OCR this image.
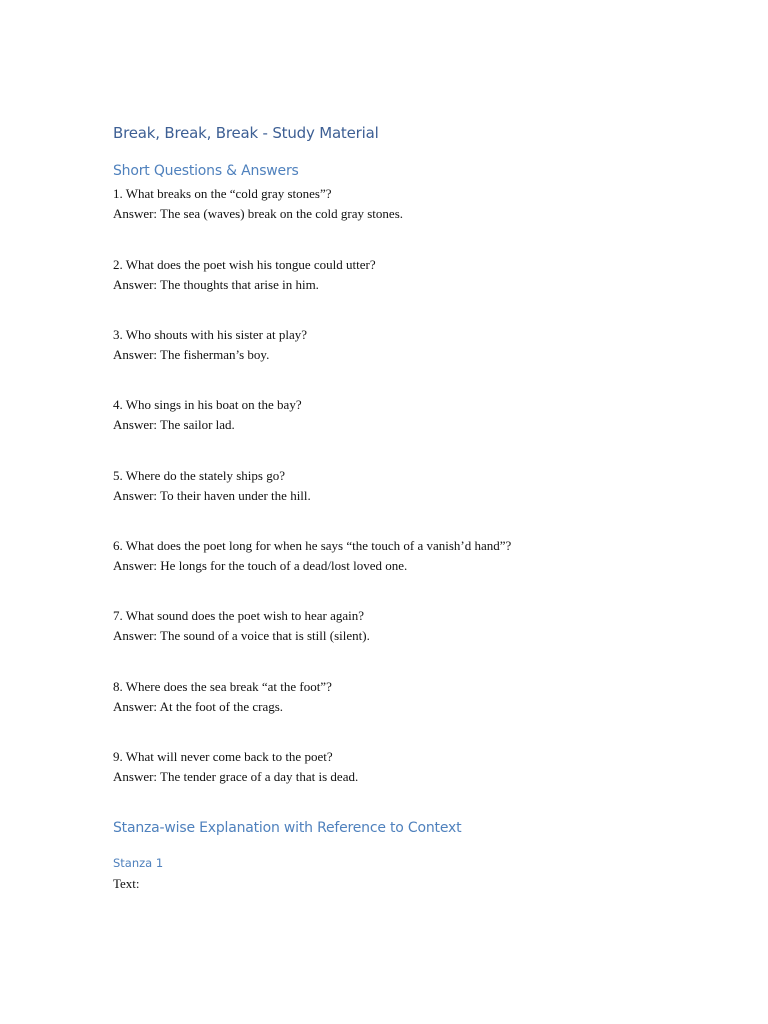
Break, Break, Break - Study Material
Short Questions & Answers
1. What breaks on the “cold gray stones”?
Answer: The sea (waves) break on the cold gray stones.
2. What does the poet wish his tongue could utter?
Answer: The thoughts that arise in him.
3. Who shouts with his sister at play?
Answer: The fisherman’s boy.
4. Who sings in his boat on the bay?
Answer: The sailor lad.
5. Where do the stately ships go?
Answer: To their haven under the hill.
6. What does the poet long for when he says “the touch of a vanish’d hand”?
Answer: He longs for the touch of a dead/lost loved one.
7. What sound does the poet wish to hear again?
Answer: The sound of a voice that is still (silent).
8. Where does the sea break “at the foot”?
Answer: At the foot of the crags.
9. What will never come back to the poet?
Answer: The tender grace of a day that is dead.
Stanza-wise Explanation with Reference to Context
Stanza 1
Text:
